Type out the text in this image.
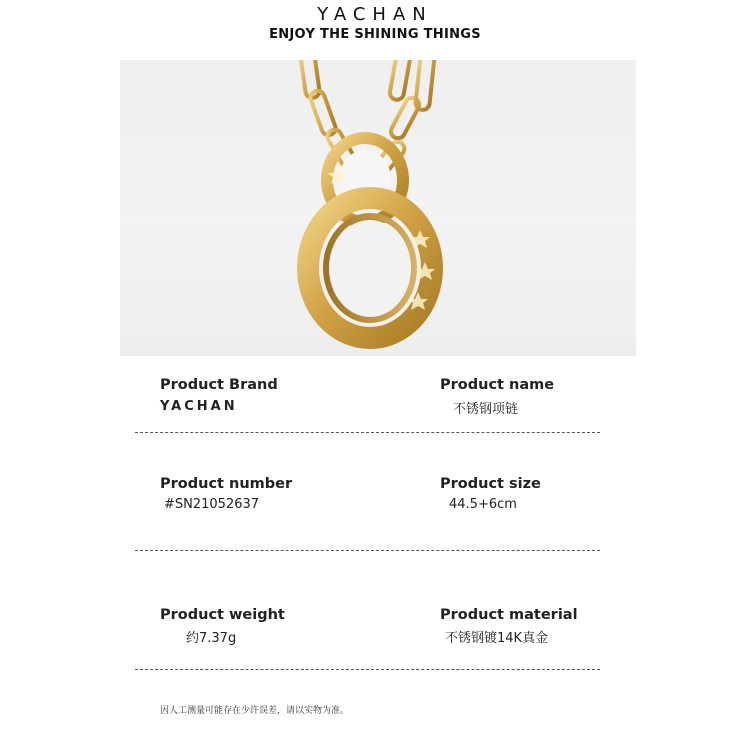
YACHAN
ENJOY THE SHINING THINGS
Product Brand
YACHAN
Product name
不锈钢项链
Product number
#SN21052637
Product size
44.5+6cm
Product weight
约7.37g
Product material
不锈钢镀14K真金
因人工测量可能存在少许误差，请以实物为准。
